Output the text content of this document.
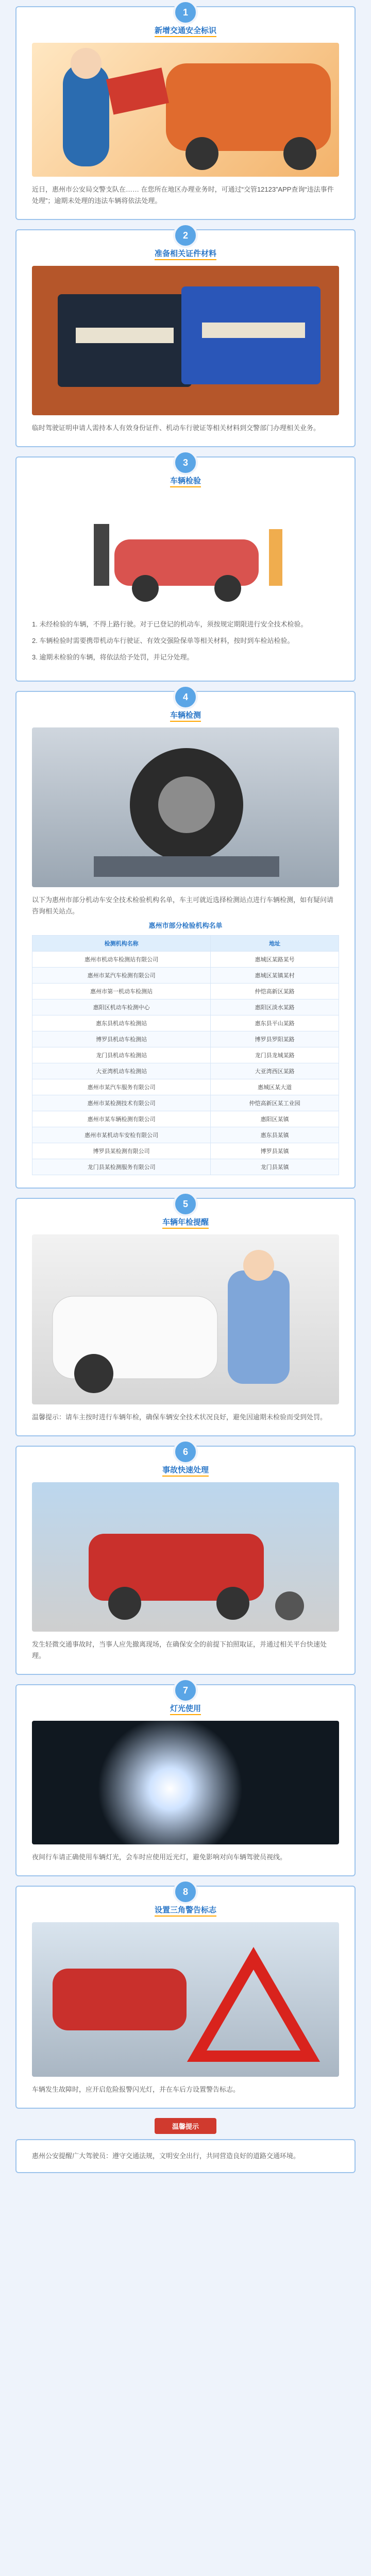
1
新增交通安全标识

近日，惠州市公安局交警支队在…… 在您所在地区办理业务时，可通过“交管12123”APP查询“违法事件处理”；逾期未处理的违法车辆将依法处理。

2
准备相关证件材料

临时驾驶证明申请人需持本人有效身份证件、机动车行驶证等相关材料到交警部门办理相关业务。

3
车辆检验

1. 未经检验的车辆，不得上路行驶。对于已登记的机动车，须按规定期限进行安全技术检验。

2. 车辆检验时需要携带机动车行驶证、有效交强险保单等相关材料，按时到车检站检验。

3. 逾期未检验的车辆，将依法给予处罚，并记分处理。

4
车辆检测

以下为惠州市部分机动车安全技术检验机构名单，车主可就近选择检测站点进行车辆检测，如有疑问请咨询相关站点。

惠州市部分检验机构名单
检测机构名称	地址
惠州市机动车检测站有限公司	惠城区某路某号
惠州市某汽车检测有限公司	惠城区某镇某村
惠州市第一机动车检测站	仲恺高新区某路
惠阳区机动车检测中心	惠阳区淡水某路
惠东县机动车检测站	惠东县平山某路
博罗县机动车检测站	博罗县罗阳某路
龙门县机动车检测站	龙门县龙城某路
大亚湾机动车检测站	大亚湾西区某路
惠州市某汽车服务有限公司	惠城区某大道
惠州市某检测技术有限公司	仲恺高新区某工业园
惠州市某车辆检测有限公司	惠阳区某镇
惠州市某机动车安检有限公司	惠东县某镇
博罗县某检测有限公司	博罗县某镇
龙门县某检测服务有限公司	龙门县某镇
5
车辆年检提醒

温馨提示：请车主按时进行车辆年检，确保车辆安全技术状况良好，避免因逾期未检验而受到处罚。

6
事故快速处理

发生轻微交通事故时，当事人应先撤离现场，在确保安全的前提下拍照取证，并通过相关平台快速处理。

7
灯光使用

夜间行车请正确使用车辆灯光，会车时应使用近光灯，避免影响对向车辆驾驶员视线。

8
设置三角警告标志

车辆发生故障时，应开启危险报警闪光灯，并在车后方设置警告标志。

温馨提示

惠州公安提醒广大驾驶员：遵守交通法规，文明安全出行，共同营造良好的道路交通环境。
